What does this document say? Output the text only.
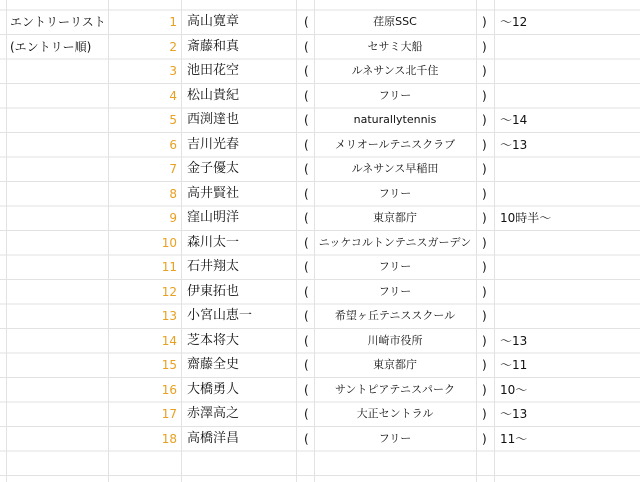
エントリーリスト	1 高山寛章	(	荏原SSC	)	〜12
(エントリー順)	2 斎藤和真	(	セサミ大船	)
3 池田花空	(	ルネサンス北千住	)
4 松山貴紀	(	フリー	)
5 西渕達也	(	naturallytennis	)	〜14
6 吉川光春	(	メリオールテニスクラブ	)	〜13
7 金子優太	(	ルネサンス早稲田	)
8 高井賢社	(	フリー	)
9 窪山明洋	(	東京都庁	)	10時半〜
10 森川太一	( ニッケコルトンテニスガーデン )
11 石井翔太	(	フリー	)
12 伊東拓也	(	フリー	)
13 小宮山恵一	(	希望ヶ丘テニススクール	)
14 芝本将大	(	川崎市役所	)	〜13
15 齋藤全史	(	東京都庁	)	〜11
16 大橋勇人	(	サントピアテニスパーク	)	10〜
17 赤澤高之	(	大正セントラル	)	〜13
18 高橋洋昌	(	フリー	)	11〜
